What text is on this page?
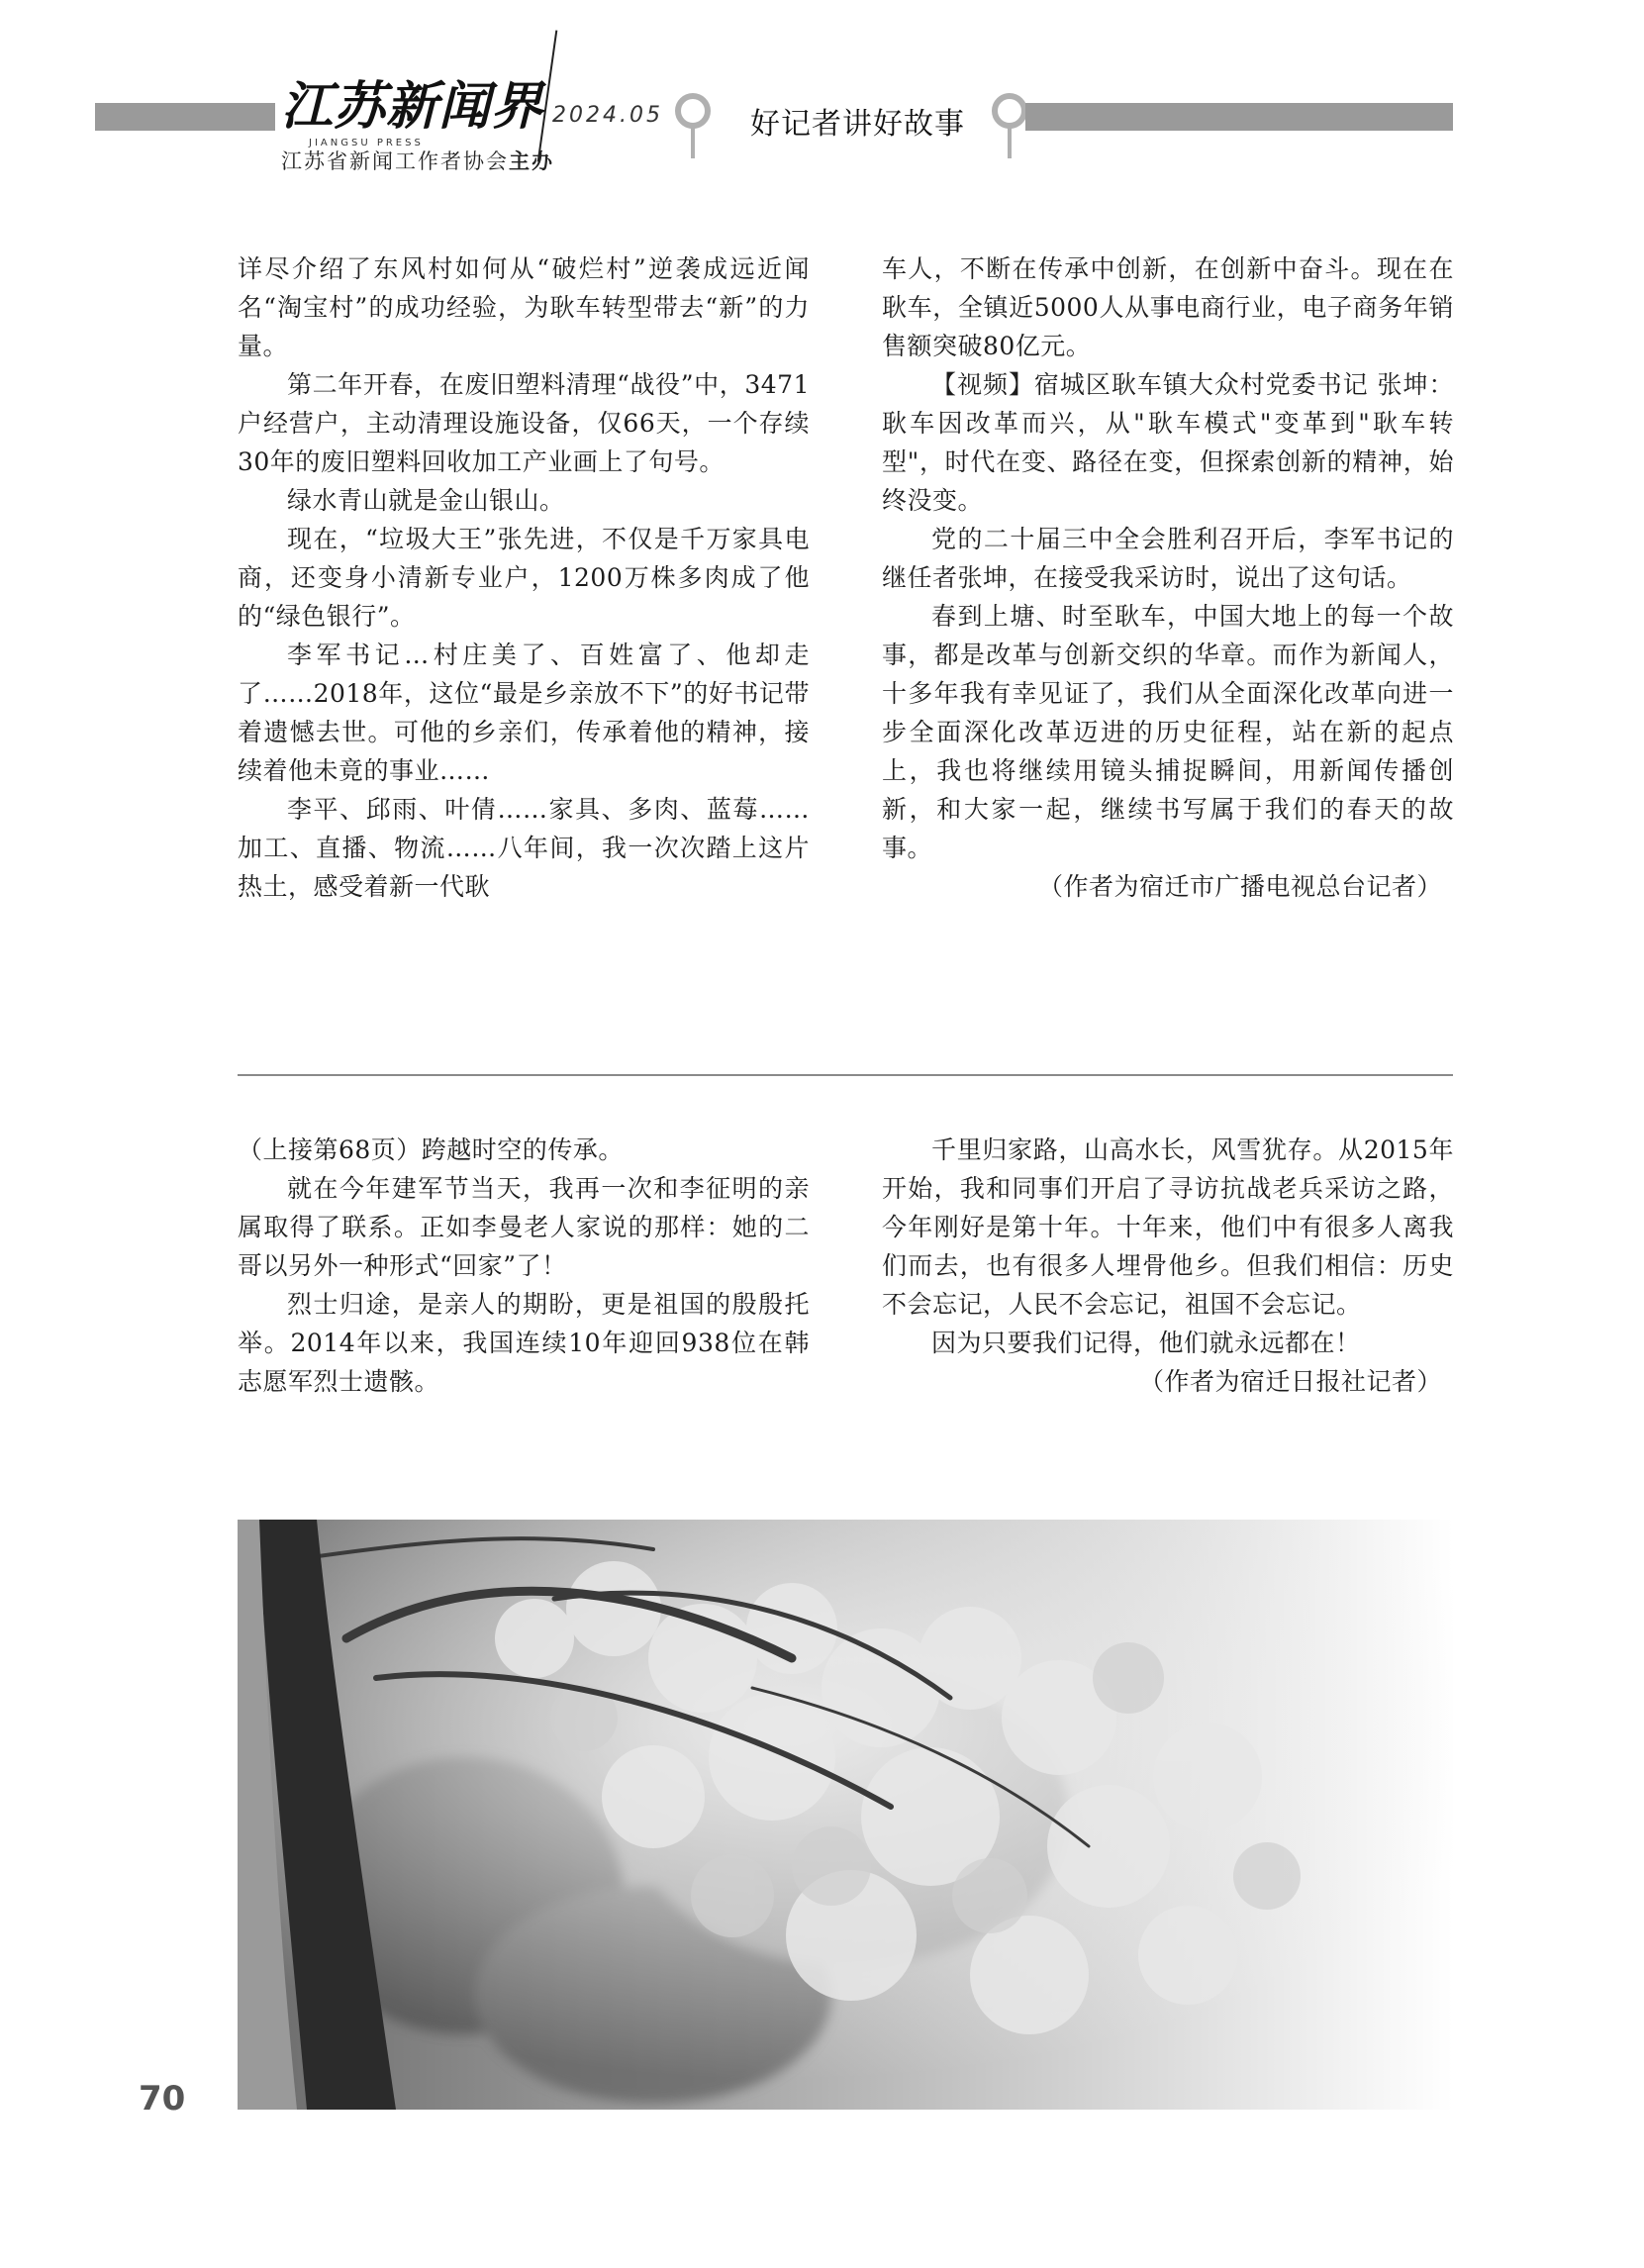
江苏新闻界
JIANGSU PRESS
2024.05
江苏省新闻工作者协会主办
好记者讲好故事

详尽介绍了东风村如何从“破烂村”逆袭成远近闻名“淘宝村”的成功经验，为耿车转型带去“新”的力量。

第二年开春，在废旧塑料清理“战役”中，3471户经营户，主动清理设施设备，仅66天，一个存续30年的废旧塑料回收加工产业画上了句号。

绿水青山就是金山银山。

现在，“垃圾大王”张先进，不仅是千万家具电商，还变身小清新专业户，1200万株多肉成了他的“绿色银行”。

李军书记…村庄美了、百姓富了、他却走了……2018年，这位“最是乡亲放不下”的好书记带着遗憾去世。可他的乡亲们，传承着他的精神，接续着他未竟的事业……

李平、邱雨、叶倩……家具、多肉、蓝莓……加工、直播、物流……八年间，我一次次踏上这片热土，感受着新一代耿

车人，不断在传承中创新，在创新中奋斗。现在在耿车，全镇近5000人从事电商行业，电子商务年销售额突破80亿元。

【视频】宿城区耿车镇大众村党委书记 张坤：耿车因改革而兴，从"耿车模式"变革到"耿车转型"，时代在变、路径在变，但探索创新的精神，始终没变。

党的二十届三中全会胜利召开后，李军书记的继任者张坤，在接受我采访时，说出了这句话。

春到上塘、时至耿车，中国大地上的每一个故事，都是改革与创新交织的华章。而作为新闻人，十多年我有幸见证了，我们从全面深化改革向进一步全面深化改革迈进的历史征程，站在新的起点上，我也将继续用镜头捕捉瞬间，用新闻传播创新，和大家一起，继续书写属于我们的春天的故事。

（作者为宿迁市广播电视总台记者）

（上接第68页）跨越时空的传承。

就在今年建军节当天，我再一次和李征明的亲属取得了联系。正如李曼老人家说的那样：她的二哥以另外一种形式“回家”了！

烈士归途，是亲人的期盼，更是祖国的殷殷托举。2014年以来，我国连续10年迎回938位在韩志愿军烈士遗骸。

千里归家路，山高水长，风雪犹存。从2015年开始，我和同事们开启了寻访抗战老兵采访之路，今年刚好是第十年。十年来，他们中有很多人离我们而去，也有很多人埋骨他乡。但我们相信：历史不会忘记，人民不会忘记，祖国不会忘记。

因为只要我们记得，他们就永远都在！

（作者为宿迁日报社记者）

70
